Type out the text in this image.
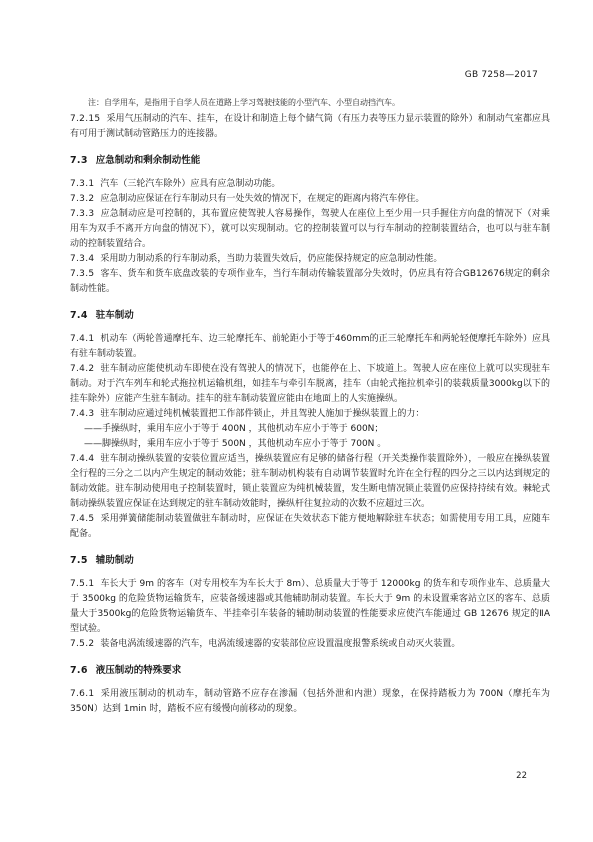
GB 7258—2017

注：自学用车，是指用于自学人员在道路上学习驾驶技能的小型汽车、小型自动挡汽车。

7.2.15 采用气压制动的汽车、挂车，在设计和制造上每个储气筒（有压力表等压力显示装置的除外）和制动气室都应具有可用于测试制动管路压力的连接器。

7.3 应急制动和剩余制动性能

7.3.1 汽车（三轮汽车除外）应具有应急制动功能。

7.3.2 应急制动应保证在行车制动只有一处失效的情况下，在规定的距离内将汽车停住。

7.3.3 应急制动应是可控制的，其布置应使驾驶人容易操作，驾驶人在座位上至少用一只手握住方向盘的情况下（对乘用车为双手不离开方向盘的情况下），就可以实现制动。它的控制装置可以与行车制动的控制装置结合，也可以与驻车制动的控制装置结合。

7.3.4 采用助力制动系的行车制动系，当助力装置失效后，仍应能保持规定的应急制动性能。

7.3.5 客车、货车和货车底盘改装的专项作业车，当行车制动传输装置部分失效时，仍应具有符合GB12676规定的剩余制动性能。

7.4 驻车制动

7.4.1 机动车（两轮普通摩托车、边三轮摩托车、前轮距小于等于460mm的正三轮摩托车和两轮轻便摩托车除外）应具有驻车制动装置。

7.4.2 驻车制动应能使机动车即使在没有驾驶人的情况下，也能停在上、下坡道上。驾驶人应在座位上就可以实现驻车制动。对于汽车列车和轮式拖拉机运输机组，如挂车与牵引车脱离，挂车（由轮式拖拉机牵引的装载质量3000kg以下的挂车除外）应能产生驻车制动。挂车的驻车制动装置应能由在地面上的人实施操纵。

7.4.3 驻车制动应通过纯机械装置把工作部件锁止，并且驾驶人施加于操纵装置上的力：

——手操纵时，乘用车应小于等于 400N ，其他机动车应小于等于 600N；

——脚操纵时，乘用车应小于等于 500N ，其他机动车应小于等于 700N 。

7.4.4 驻车制动操纵装置的安装位置应适当，操纵装置应有足够的储备行程（开关类操作装置除外），一般应在操纵装置全行程的三分之二以内产生规定的制动效能；驻车制动机构装有自动调节装置时允许在全行程的四分之三以内达到规定的制动效能。驻车制动使用电子控制装置时，锁止装置应为纯机械装置，发生断电情况锁止装置仍应保持持续有效。棘轮式制动操纵装置应保证在达到规定的驻车制动效能时，操纵杆往复拉动的次数不应超过三次。

7.4.5 采用弹簧储能制动装置做驻车制动时，应保证在失效状态下能方便地解除驻车状态；如需使用专用工具，应随车配备。

7.5 辅助制动

7.5.1 车长大于 9m 的客车（对专用校车为车长大于 8m）、总质量大于等于 12000kg 的货车和专项作业车、总质量大于 3500kg 的危险货物运输货车，应装备缓速器或其他辅助制动装置。车长大于 9m 的未设置乘客站立区的客车、总质量大于3500kg的危险货物运输货车、半挂牵引车装备的辅助制动装置的性能要求应使汽车能通过 GB 12676 规定的ⅡA 型试验。

7.5.2 装备电涡流缓速器的汽车，电涡流缓速器的安装部位应设置温度报警系统或自动灭火装置。

7.6 液压制动的特殊要求

7.6.1 采用液压制动的机动车，制动管路不应存在渗漏（包括外泄和内泄）现象，在保持踏板力为 700N（摩托车为 350N）达到 1min 时，踏板不应有缓慢向前移动的现象。

22
